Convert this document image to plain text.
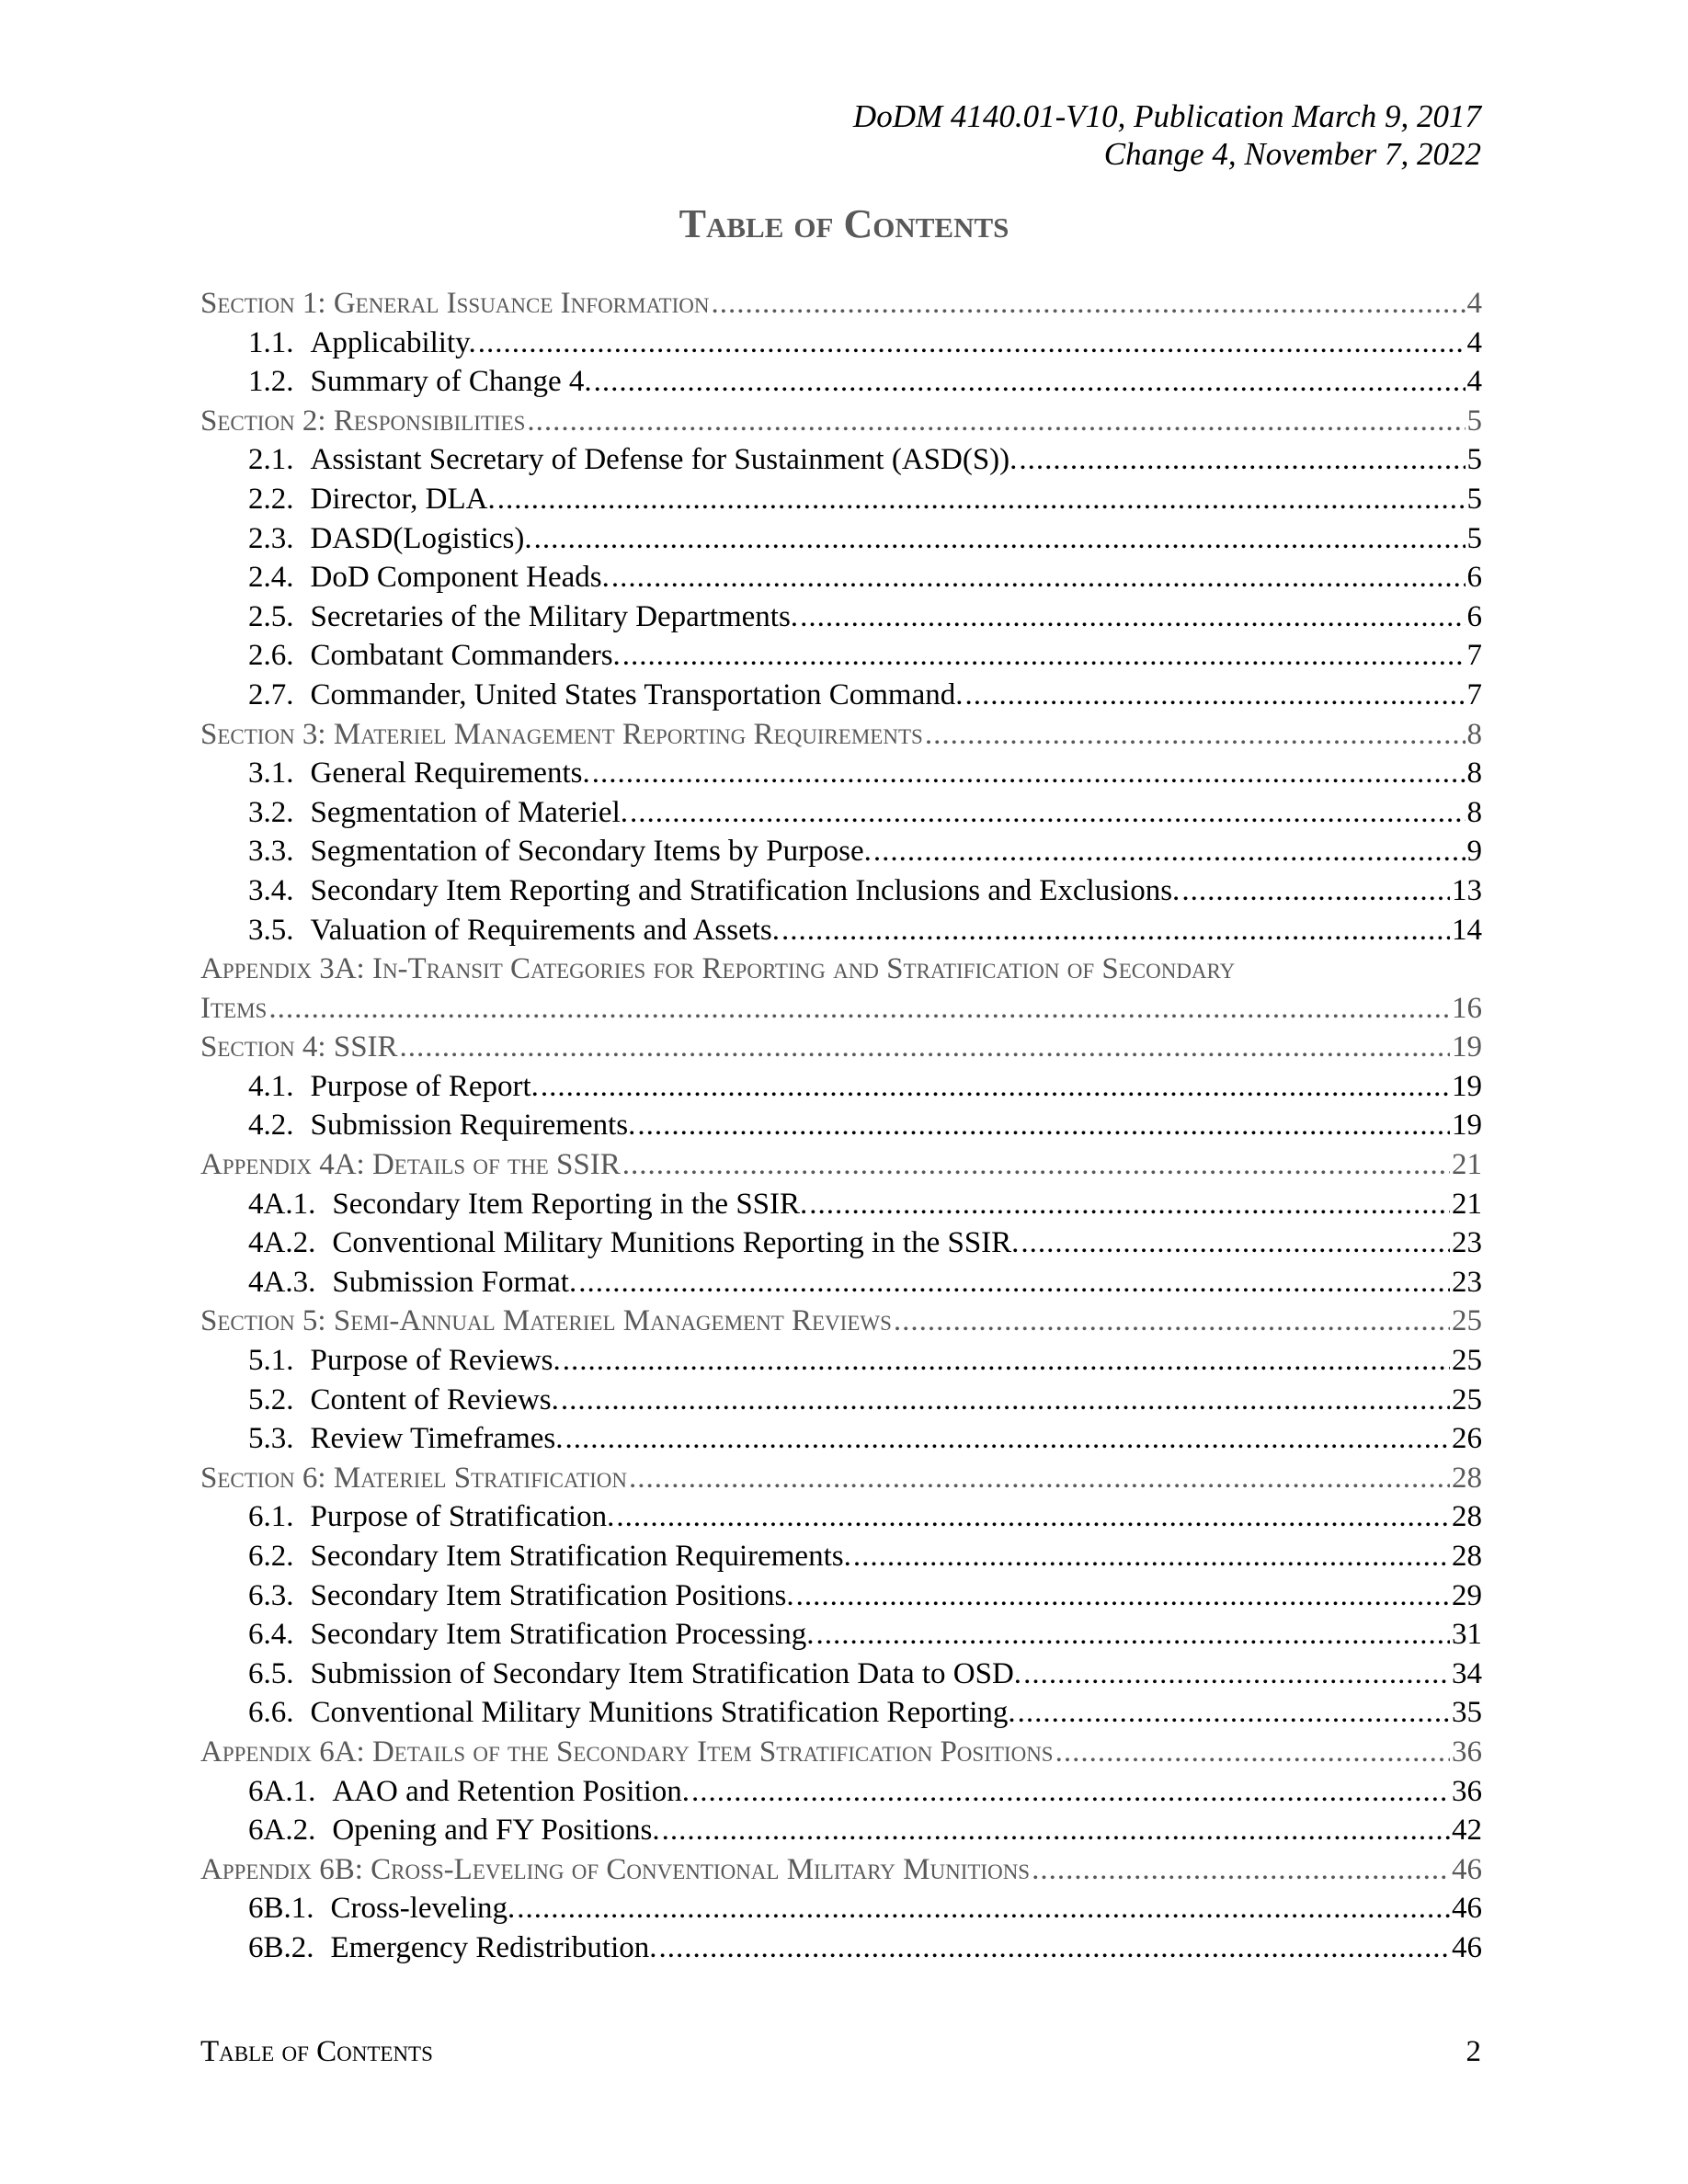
DoDM 4140.01-V10, Publication March 9, 2017
Change 4, November 7, 2022
Table of Contents
Section 1: General Issuance Information .....	4
1.1. Applicability. .....	4
1.2. Summary of Change 4. .....	4
Section 2: Responsibilities .....	5
2.1. Assistant Secretary of Defense for Sustainment (ASD(S)). .....	5
2.2. Director, DLA. .....	5
2.3. DASD(Logistics). .....	5
2.4. DoD Component Heads. .....	6
2.5. Secretaries of the Military Departments. .....	6
2.6. Combatant Commanders. .....	7
2.7. Commander, United States Transportation Command. .....	7
Section 3: Materiel Management Reporting Requirements .....	8
3.1. General Requirements. .....	8
3.2. Segmentation of Materiel. .....	8
3.3. Segmentation of Secondary Items by Purpose. .....	9
3.4. Secondary Item Reporting and Stratification Inclusions and Exclusions. .....	13
3.5. Valuation of Requirements and Assets. .....	14
Appendix 3A: In-Transit Categories for Reporting and Stratification of Secondary
Items .....	16
Section 4: SSIR .....	19
4.1. Purpose of Report. .....	19
4.2. Submission Requirements. .....	19
Appendix 4A: Details of the SSIR .....	21
4A.1. Secondary Item Reporting in the SSIR. .....	21
4A.2. Conventional Military Munitions Reporting in the SSIR. .....	23
4A.3. Submission Format. .....	23
Section 5: Semi-Annual Materiel Management Reviews .....	25
5.1. Purpose of Reviews. .....	25
5.2. Content of Reviews. .....	25
5.3. Review Timeframes. .....	26
Section 6: Materiel Stratification .....	28
6.1. Purpose of Stratification. .....	28
6.2. Secondary Item Stratification Requirements. .....	28
6.3. Secondary Item Stratification Positions. .....	29
6.4. Secondary Item Stratification Processing. .....	31
6.5. Submission of Secondary Item Stratification Data to OSD. .....	34
6.6. Conventional Military Munitions Stratification Reporting. .....	35
Appendix 6A: Details of the Secondary Item Stratification Positions .....	36
6A.1. AAO and Retention Position. .....	36
6A.2. Opening and FY Positions. .....	42
Appendix 6B: Cross-Leveling of Conventional Military Munitions .....	46
6B.1. Cross-leveling. .....	46
6B.2. Emergency Redistribution. .....	46
Table of Contents	2
